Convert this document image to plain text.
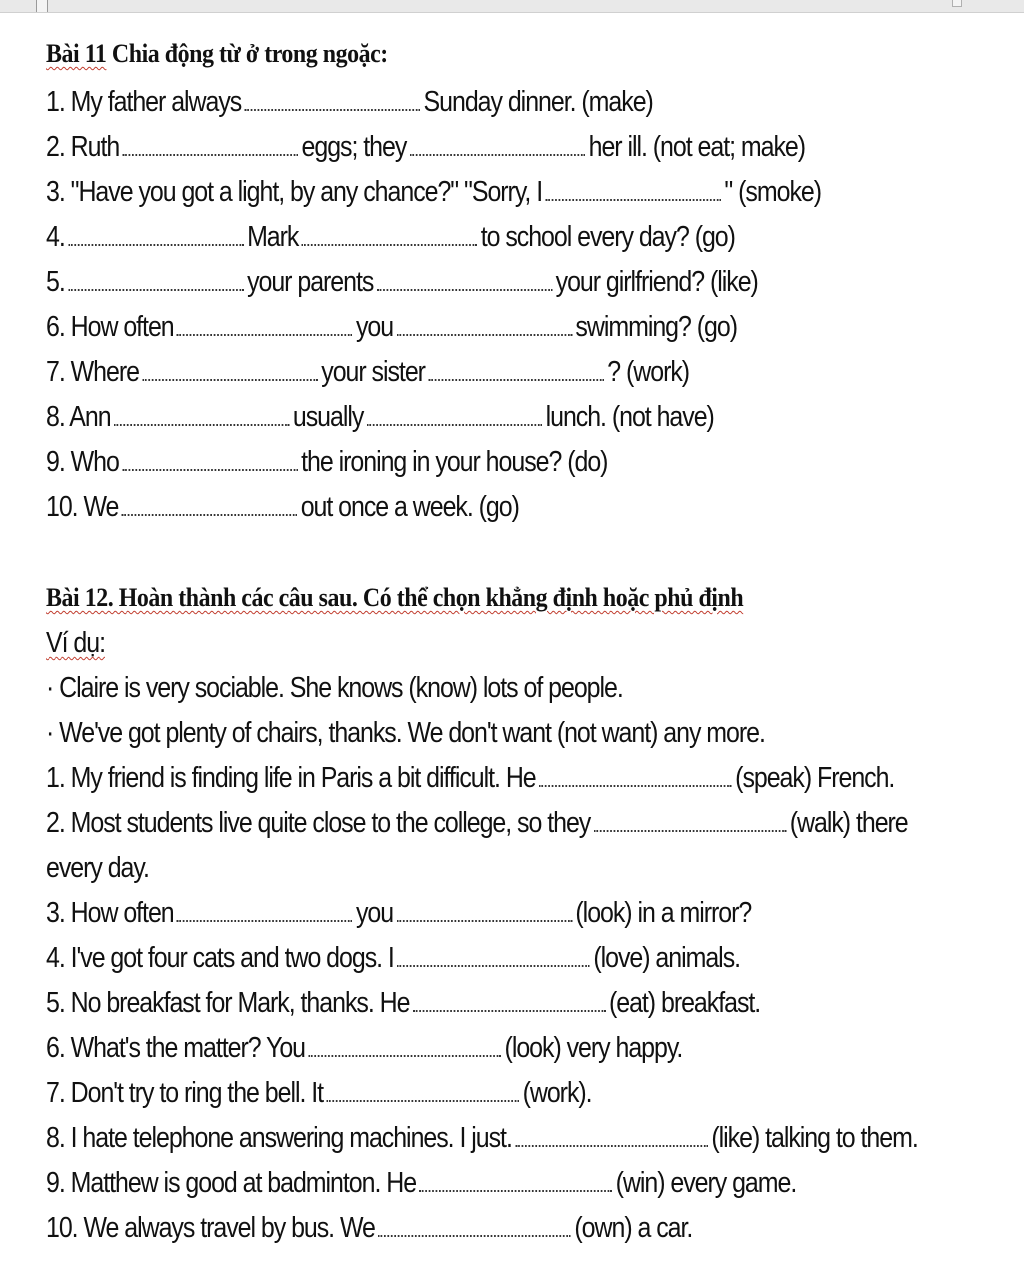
Bài 11 Chia động từ ở trong ngoặc:
1. My father always	Sunday dinner. (make)
2. Ruth	eggs; they	her ill. (not eat; make)
3. "Have you got a light, by any chance?" "Sorry, I	" (smoke)
4.	Mark	to school every day? (go)
5.	your parents	your girlfriend? (like)
6. How often	you	swimming? (go)
7. Where	your sister	? (work)
8. Ann	usually	lunch. (not have)
9. Who	the ironing in your house? (do)
10. We	out once a week. (go)
Bài 12. Hoàn thành các câu sau. Có thể chọn khẳng định hoặc phủ định
Ví dụ:
· Claire is very sociable. She knows (know) lots of people.
· We've got plenty of chairs, thanks. We don't want (not want) any more.
1. My friend is finding life in Paris a bit difficult. He	(speak) French.
2. Most students live quite close to the college, so they	(walk) there
every day.
3. How often	you	(look) in a mirror?
4. I've got four cats and two dogs. I	(love) animals.
5. No breakfast for Mark, thanks. He	(eat) breakfast.
6. What's the matter? You	(look) very happy.
7. Don't try to ring the bell. It	(work).
8. I hate telephone answering machines. I just.	(like) talking to them.
9. Matthew is good at badminton. He	(win) every game.
10. We always travel by bus. We	(own) a car.
